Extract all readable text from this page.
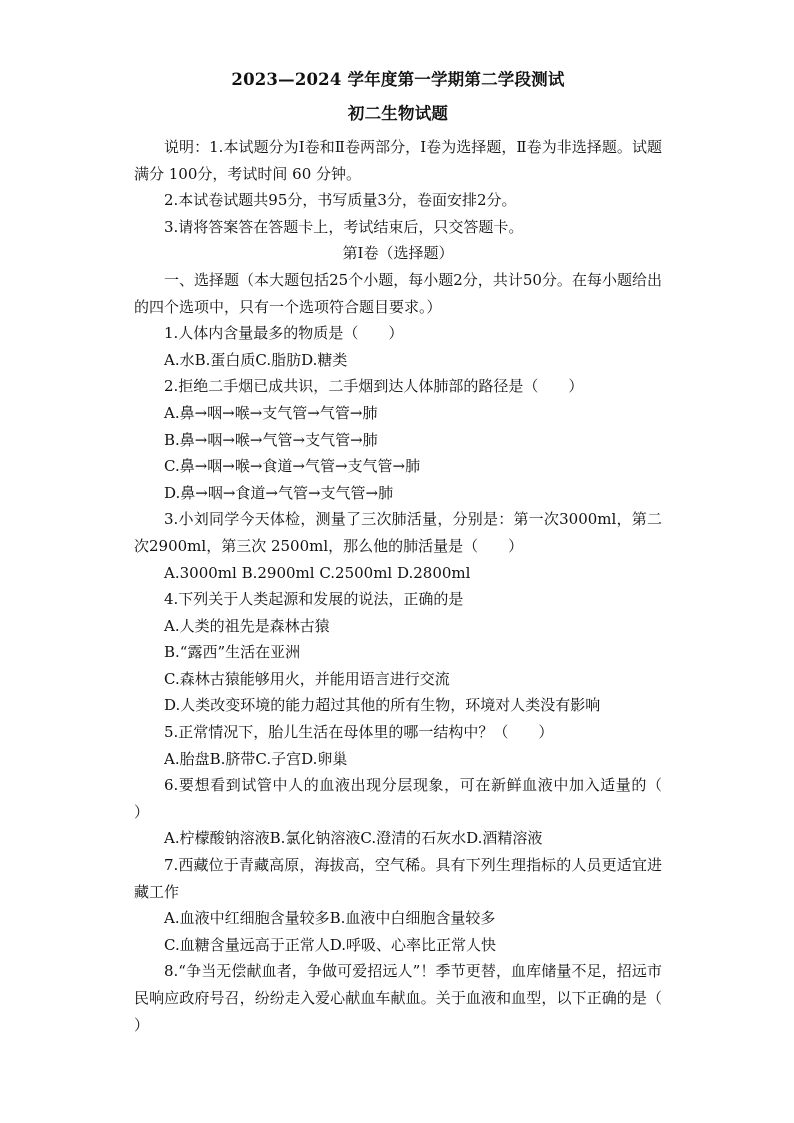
2023—2024 学年度第一学期第二学段测试

初二生物试题

说明：1.本试题分为Ⅰ卷和Ⅱ卷两部分，Ⅰ卷为选择题，Ⅱ卷为非选择题。试题满分 100分，考试时间 60 分钟。

2.本试卷试题共95分，书写质量3分，卷面安排2分。

3.请将答案答在答题卡上，考试结束后，只交答题卡。

第Ⅰ卷（选择题）

一、选择题（本大题包括25个小题，每小题2分，共计50分。在每小题给出的四个选项中，只有一个选项符合题目要求。）

1.人体内含量最多的物质是（　　）

A.水B.蛋白质C.脂肪D.糖类

2.拒绝二手烟已成共识，二手烟到达人体肺部的路径是（　　）

A.鼻→咽→喉→支气管→气管→肺

B.鼻→咽→喉→气管→支气管→肺

C.鼻→咽→喉→食道→气管→支气管→肺

D.鼻→咽→食道→气管→支气管→肺

3.小刘同学今天体检，测量了三次肺活量，分别是：第一次3000ml，第二次2900ml，第三次 2500ml，那么他的肺活量是（　　）

A.3000ml B.2900ml C.2500ml D.2800ml

4.下列关于人类起源和发展的说法，正确的是

A.人类的祖先是森林古猿

B.“露西”生活在亚洲

C.森林古猿能够用火，并能用语言进行交流

D.人类改变环境的能力超过其他的所有生物，环境对人类没有影响

5.正常情况下，胎儿生活在母体里的哪一结构中？（　　）

A.胎盘B.脐带C.子宫D.卵巢

6.要想看到试管中人的血液出现分层现象，可在新鲜血液中加入适量的（　　）

A.柠檬酸钠溶液B.氯化钠溶液C.澄清的石灰水D.酒精溶液

7.西藏位于青藏高原，海拔高，空气稀。具有下列生理指标的人员更适宜进藏工作

A.血液中红细胞含量较多B.血液中白细胞含量较多

C.血糖含量远高于正常人D.呼吸、心率比正常人快

8.“争当无偿献血者，争做可爱招远人”！季节更替，血库储量不足，招远市民响应政府号召，纷纷走入爱心献血车献血。关于血液和血型，以下正确的是（　　）
